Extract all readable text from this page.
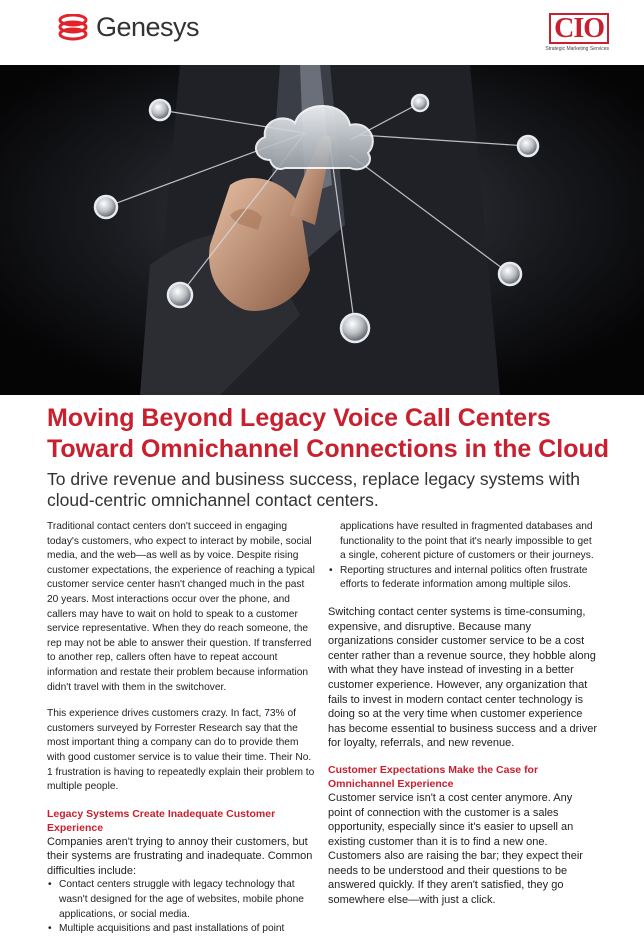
Genesys	CIO
Strategic Marketing Services
Moving Beyond Legacy Voice Call Centers
Toward Omnichannel Connections in the Cloud

To drive revenue and business success, replace legacy systems with cloud-centric omnichannel contact centers.

Traditional contact centers don't succeed in engaging today's customers, who expect to interact by mobile, social media, and the web—as well as by voice. Despite rising customer expectations, the experience of reaching a typical customer service center hasn't changed much in the past 20 years. Most interactions occur over the phone, and callers may have to wait on hold to speak to a customer service representative. When they do reach someone, the rep may not be able to answer their question. If transferred to another rep, callers often have to repeat account information and restate their problem because information didn't travel with them in the switchover.

This experience drives customers crazy. In fact, 73% of customers surveyed by Forrester Research say that the most important thing a company can do to provide them with good customer service is to value their time. Their No. 1 frustration is having to repeatedly explain their problem to multiple people.

Legacy Systems Create Inadequate Customer Experience
Companies aren't trying to annoy their customers, but their systems are frustrating and inadequate. Common difficulties include:
• Contact centers struggle with legacy technology that wasn't designed for the age of websites, mobile phone applications, or social media.
• Multiple acquisitions and past installations of point
applications have resulted in fragmented databases and functionality to the point that it's nearly impossible to get a single, coherent picture of customers or their journeys.
• Reporting structures and internal politics often frustrate efforts to federate information among multiple silos.

Switching contact center systems is time-consuming, expensive, and disruptive. Because many organizations consider customer service to be a cost center rather than a revenue source, they hobble along with what they have instead of investing in a better customer experience. However, any organization that fails to invest in modern contact center technology is doing so at the very time when customer experience has become essential to business success and a driver for loyalty, referrals, and new revenue.

Customer Expectations Make the Case for Omnichannel Experience

Customer service isn't a cost center anymore. Any point of connection with the customer is a sales opportunity, especially since it's easier to upsell an existing customer than it is to find a new one. Customers also are raising the bar; they expect their needs to be understood and their questions to be answered quickly. If they aren't satisfied, they go somewhere else—with just a click.
